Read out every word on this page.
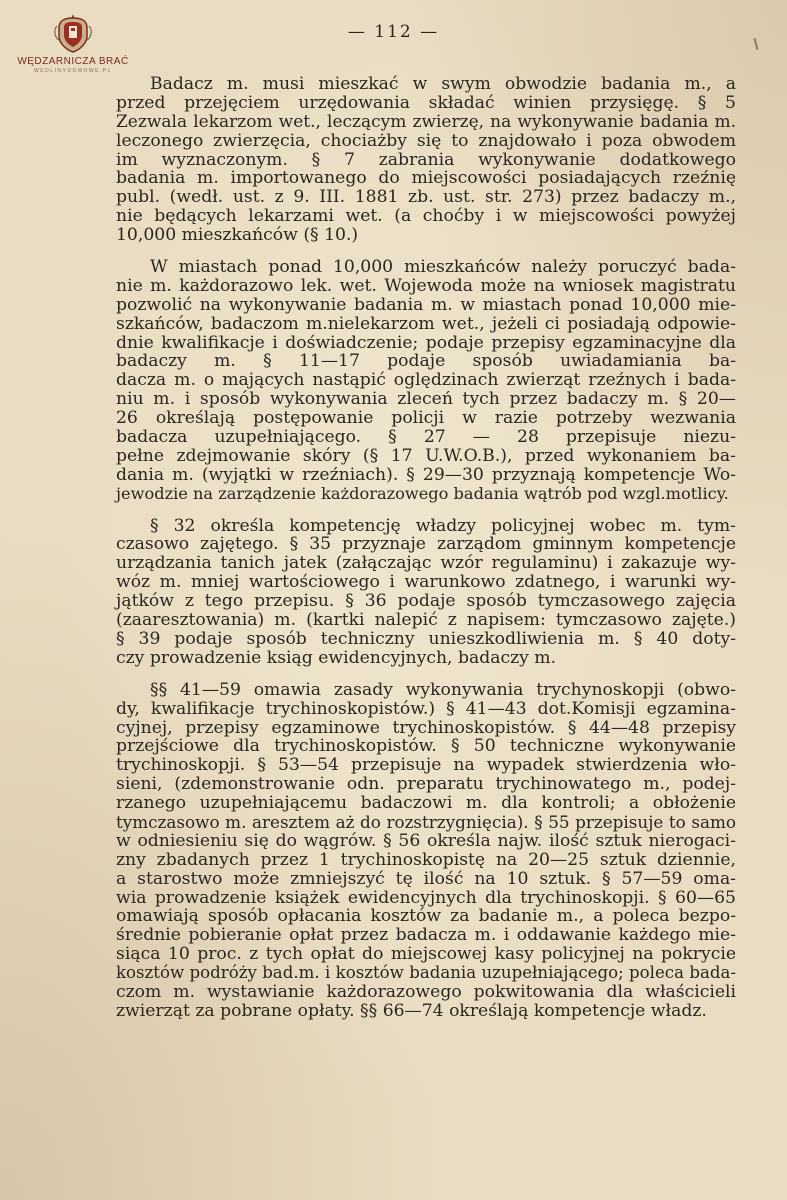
WĘDZARNICZA BRAĆ
WEDLINYDOMOWE.PL
— 112 —
Badacz m. musi mieszkać w swym obwodzie badania m., a
przed przejęciem urzędowania składać winien przysięgę. § 5
Zezwala lekarzom wet., leczącym zwierzę, na wykonywanie badania m.
leczonego zwierzęcia, chociażby się to znajdowało i poza obwodem
im wyznaczonym. § 7 zabrania wykonywanie dodatkowego
badania m. importowanego do miejscowości posiadających rzeźnię
publ. (wedł. ust. z 9. III. 1881 zb. ust. str. 273) przez badaczy m.,
nie będących lekarzami wet. (a choćby i w miejscowości powyżej
10,000 mieszkańców (§ 10.)
W miastach ponad 10,000 mieszkańców należy poruczyć bada-
nie m. każdorazowo lek. wet. Wojewoda może na wniosek magistratu
pozwolić na wykonywanie badania m. w miastach ponad 10,000 mie-
szkańców, badaczom m.nielekarzom wet., jeżeli ci posiadają odpowie-
dnie kwalifikacje i doświadczenie; podaje przepisy egzaminacyjne dla
badaczy m. § 11—17 podaje sposób uwiadamiania ba-
dacza m. o mających nastąpić oględzinach zwierząt rzeźnych i bada-
niu m. i sposób wykonywania zleceń tych przez badaczy m. § 20—
26 określają postępowanie policji w razie potrzeby wezwania
badacza uzupełniającego. § 27 — 28 przepisuje niezu-
pełne zdejmowanie skóry (§ 17 U.W.O.B.), przed wykonaniem ba-
dania m. (wyjątki w rzeźniach). § 29—30 przyznają kompetencje Wo-
jewodzie na zarządzenie każdorazowego badania wątrób pod wzgl.motlicy.
§ 32 określa kompetencję władzy policyjnej wobec m. tym-
czasowo zajętego. § 35 przyznaje zarządom gminnym kompetencje
urządzania tanich jatek (załączając wzór regulaminu) i zakazuje wy-
wóz m. mniej wartościowego i warunkowo zdatnego, i warunki wy-
jątków z tego przepisu. § 36 podaje sposób tymczasowego zajęcia
(zaaresztowania) m. (kartki nalepić z napisem: tymczasowo zajęte.)
§ 39 podaje sposób techniczny unieszkodliwienia m. § 40 doty-
czy prowadzenie ksiąg ewidencyjnych, badaczy m.
§§ 41—59 omawia zasady wykonywania trychynoskopji (obwo-
dy, kwalifikacje trychinoskopistów.) § 41—43 dot.Komisji egzamina-
cyjnej, przepisy egzaminowe trychinoskopistów. § 44—48 przepisy
przejściowe dla trychinoskopistów. § 50 techniczne wykonywanie
trychinoskopji. § 53—54 przepisuje na wypadek stwierdzenia wło-
sieni, (zdemonstrowanie odn. preparatu trychinowatego m., podej-
rzanego uzupełniającemu badaczowi m. dla kontroli; a obłożenie
tymczasowo m. aresztem aż do rozstrzygnięcia). § 55 przepisuje to samo
w odniesieniu się do wągrów. § 56 określa najw. ilość sztuk nierogaci-
zny zbadanych przez 1 trychinoskopistę na 20—25 sztuk dziennie,
a starostwo może zmniejszyć tę ilość na 10 sztuk. § 57—59 oma-
wia prowadzenie książek ewidencyjnych dla trychinoskopji. § 60—65
omawiają sposób opłacania kosztów za badanie m., a poleca bezpo-
średnie pobieranie opłat przez badacza m. i oddawanie każdego mie-
siąca 10 proc. z tych opłat do miejscowej kasy policyjnej na pokrycie
kosztów podróży bad.m. i kosztów badania uzupełniającego; poleca bada-
czom m. wystawianie każdorazowego pokwitowania dla właścicieli
zwierząt za pobrane opłaty. §§ 66—74 określają kompetencje władz.
